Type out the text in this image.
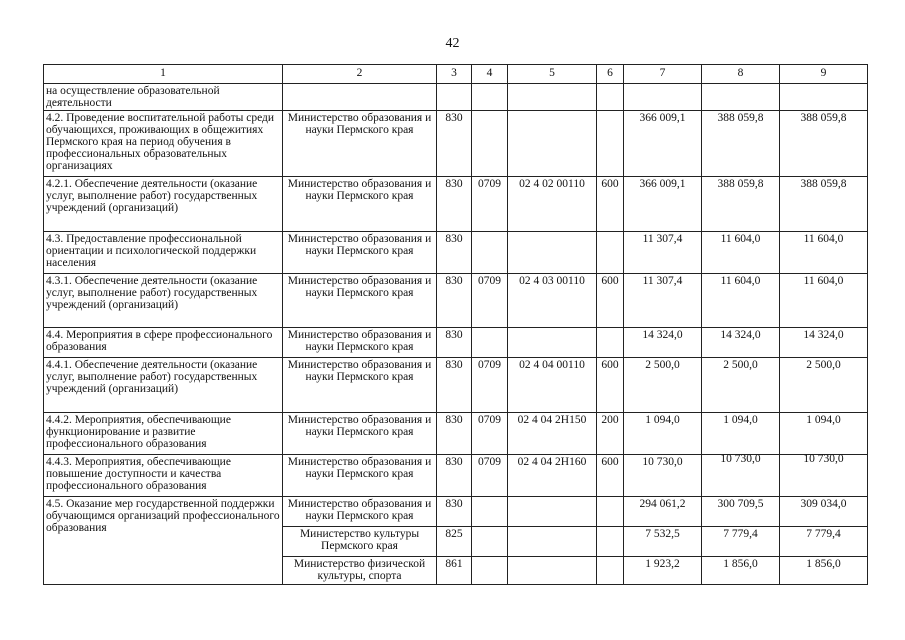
42
1	2	3	4	5	6	7	8	9
на осуществление образовательной деятельности								
4.2. Проведение воспитательной работы среди обучающихся, проживающих в общежитиях Пермского края на период обучения в профессиональных образовательных организациях	Министерство образования и науки Пермского края	830				366 009,1	388 059,8	388 059,8
4.2.1. Обеспечение деятельности (оказание услуг, выполнение работ) государственных учреждений (организаций)	Министерство образования и науки Пермского края	830	0709	02 4 02 00110	600	366 009,1	388 059,8	388 059,8
4.3. Предоставление профессиональной ориентации и психологической поддержки населения	Министерство образования и науки Пермского края	830				11 307,4	11 604,0	11 604,0
4.3.1. Обеспечение деятельности (оказание услуг, выполнение работ) государственных учреждений (организаций)	Министерство образования и науки Пермского края	830	0709	02 4 03 00110	600	11 307,4	11 604,0	11 604,0
4.4. Мероприятия в сфере профессионального образования	Министерство образования и науки Пермского края	830				14 324,0	14 324,0	14 324,0
4.4.1. Обеспечение деятельности (оказание услуг, выполнение работ) государственных учреждений (организаций)	Министерство образования и науки Пермского края	830	0709	02 4 04 00110	600	2 500,0	2 500,0	2 500,0
4.4.2. Мероприятия, обеспечивающие функционирование и развитие профессионального образования	Министерство образования и науки Пермского края	830	0709	02 4 04 2Н150	200	1 094,0	1 094,0	1 094,0
4.4.3. Мероприятия, обеспечивающие повышение доступности и качества профессионального образования	Министерство образования и науки Пермского края	830	0709	02 4 04 2Н160	600	10 730,0	10 730,0	10 730,0
4.5. Оказание мер государственной поддержки обучающимся организаций профессионального образования	Министерство образования и науки Пермского края	830				294 061,2	300 709,5	309 034,0
	Министерство культуры Пермского края	825				7 532,5	7 779,4	7 779,4
	Министерство физической культуры, спорта	861				1 923,2	1 856,0	1 856,0
